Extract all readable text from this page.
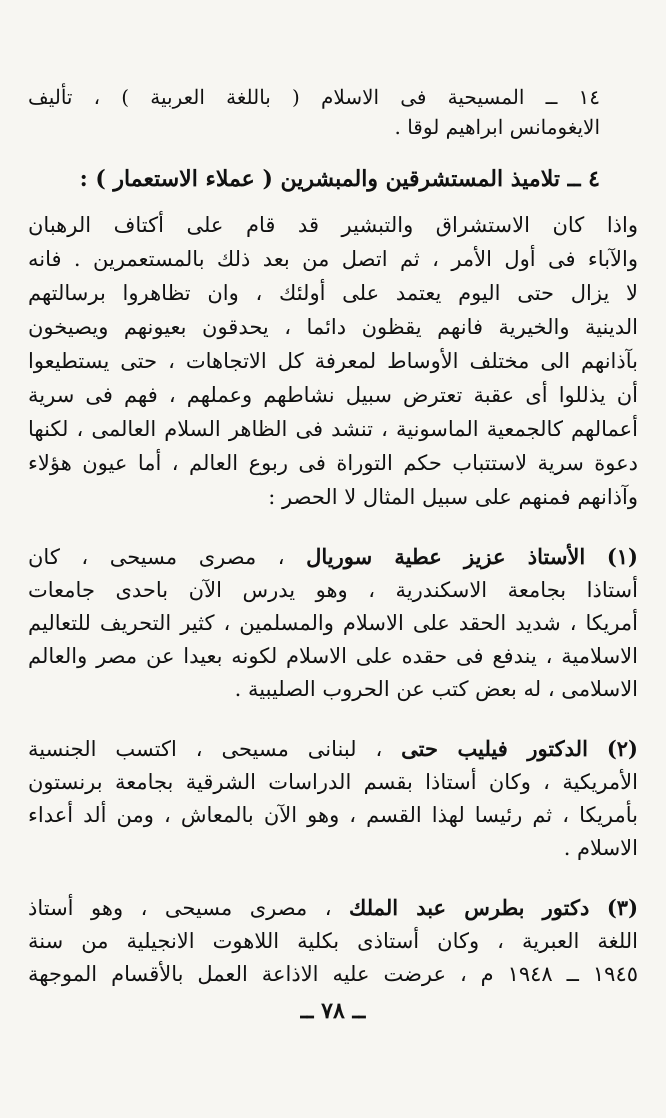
١٤ ــ المسيحية فى الاسلام ( باللغة العربية ) ، تأليف
الايغومانس ابراهيم لوقا .
٤ ــ تلاميذ المستشرقين والمبشرين ( عملاء الاستعمار ) :
واذا كان الاستشراق والتبشير قد قام على أكتاف الرهبان
والآباء فى أول الأمر ، ثم اتصل من بعد ذلك بالمستعمرين . فانه
لا يزال حتى اليوم يعتمد على أولئك ، وان تظاهروا برسالتهم
الدينية والخيرية فانهم يقظون دائما ، يحدقون بعيونهم ويصيخون
بآذانهم الى مختلف الأوساط لمعرفة كل الاتجاهات ، حتى يستطيعوا
أن يذللوا أى عقبة تعترض سبيل نشاطهم وعملهم ، فهم فى سرية
أعمالهم كالجمعية الماسونية ، تنشد فى الظاهر السلام العالمى ، لكنها
دعوة سرية لاستتباب حكم التوراة فى ربوع العالم ، أما عيون هؤلاء
وآذانهم فمنهم على سبيل المثال لا الحصر :
(١) الأستاذ عزيز عطية سوريال ، مصرى مسيحى ، كان
أستاذا بجامعة الاسكندرية ، وهو يدرس الآن باحدى جامعات
أمريكا ، شديد الحقد على الاسلام والمسلمين ، كثير التحريف للتعاليم
الاسلامية ، يندفع فى حقده على الاسلام لكونه بعيدا عن مصر والعالم
الاسلامى ، له بعض كتب عن الحروب الصليبية .
(٢) الدكتور فيليب حتى ، لبنانى مسيحى ، اكتسب الجنسية
الأمريكية ، وكان أستاذا بقسم الدراسات الشرقية بجامعة برنستون
بأمريكا ، ثم رئيسا لهذا القسم ، وهو الآن بالمعاش ، ومن ألد أعداء
الاسلام .
(٣) دكتور بطرس عبد الملك ، مصرى مسيحى ، وهو أستاذ
اللغة العبرية ، وكان أستاذى بكلية اللاهوت الانجيلية من سنة
١٩٤٥ ــ ١٩٤٨ م ، عرضت عليه الاذاعة العمل بالأقسام الموجهة
ــ ٧٨ ــ
